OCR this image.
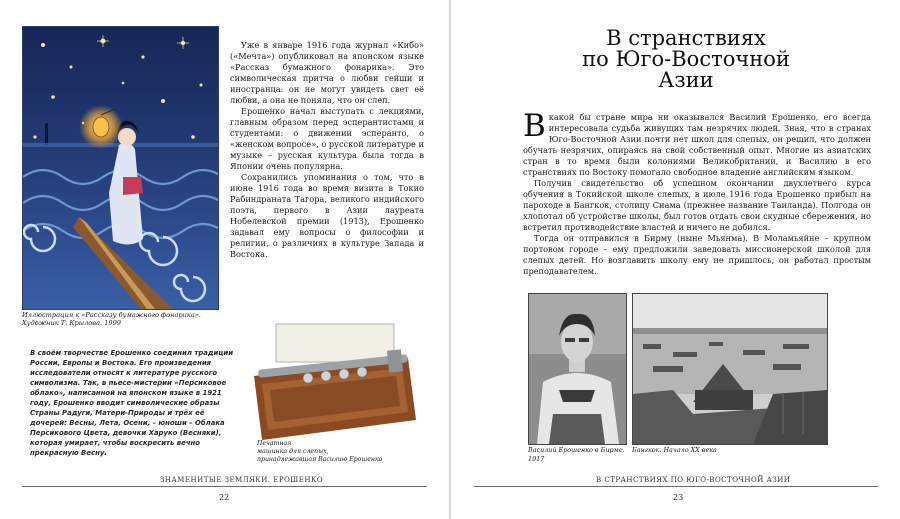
Иллюстрация к «Рассказу бумажного фонарика».
Художник Т. Крылова. 1999

Уже в январе 1916 года журнал «Кибо» («Мечта») опубликовал на японском языке «Рассказ бумажного фонарика». Это символическая притча о любви гейши и иностранца: он не могут увидеть свет её любви, а она не поняла, что он слеп.

Ерошенко начал выступать с лекциями, главным образом перед эсперантистами и студентами: о движении эсперанто, о «женском вопросе», о русской литературе и музыке – русская культура была тогда в Японии очень популярна.

Сохранились упоминания о том, что в июне 1916 года во время визита в Токио Рабиндраната Тагора, великого индийского поэта, первого в Азии лауреата Нобелевской премии (1913), Ерошенко задавал ему вопросы о философии и религии, о различиях в культуре Запада и Востока.

В своём творчестве Ерошенко соединил традиции России, Европы и Востока. Его произведения исследователи относят к литературе русского символизма. Так, в пьесе-мистерии «Персиковое облако», написанной на японском языке в 1921 году, Ерошенко вводит символические образы Страны Радуги, Матери-Природы и трёх её дочерей: Весны, Лета, Осени, – юноши – Облака Персикового Цвета, девочки Харуко (Весняки), которая умирает, чтобы воскресить вечно прекрасную Весну.
Печатная
машинка для слепых,
принадлежавшая Василию Ерошенко
ЗНАМЕНИТЫЕ ЗЕМЛЯКИ. ЕРОШЕНКО
22
В странствиях
по Юго-Восточной
Азии

В какой бы стране мира ни оказывался Василий Ерошенко, его всегда интересовала судьба живущих там незрячих людей. Зная, что в странах Юго-Восточной Азии почти нет школ для слепых, он решил, что должен обучать незрячих, опираясь на свой собственный опыт. Многие из азиатских стран в то время были колониями Великобритании, и Василию в его странствиях по Востоку помогало свободное владение английским языком.

Получив свидетельство об успешном окончании двухлетнего курса обучения в Токийской школе слепых, в июле 1916 года Ерошенко прибыл на пароходе в Бангкок, столицу Сиама (прежнее название Таиланда). Полгода он хлопотал об устройстве школы, был готов отдать свои скудные сбережения, но встретил противодействие властей и ничего не добился.

Тогда он отправился в Бирму (ныне Мьянма). В Моламьяйне – крупном портовом городе – ему предложили заведовать миссионерской школой для слепых детей. Но возглавить школу ему не пришлось, он работал простым преподавателем.

Василий Ерошенко в Бирме.
1917
Бангкок. Начало XX века
В СТРАНСТВИЯХ ПО ЮГО-ВОСТОЧНОЙ АЗИИ
23
